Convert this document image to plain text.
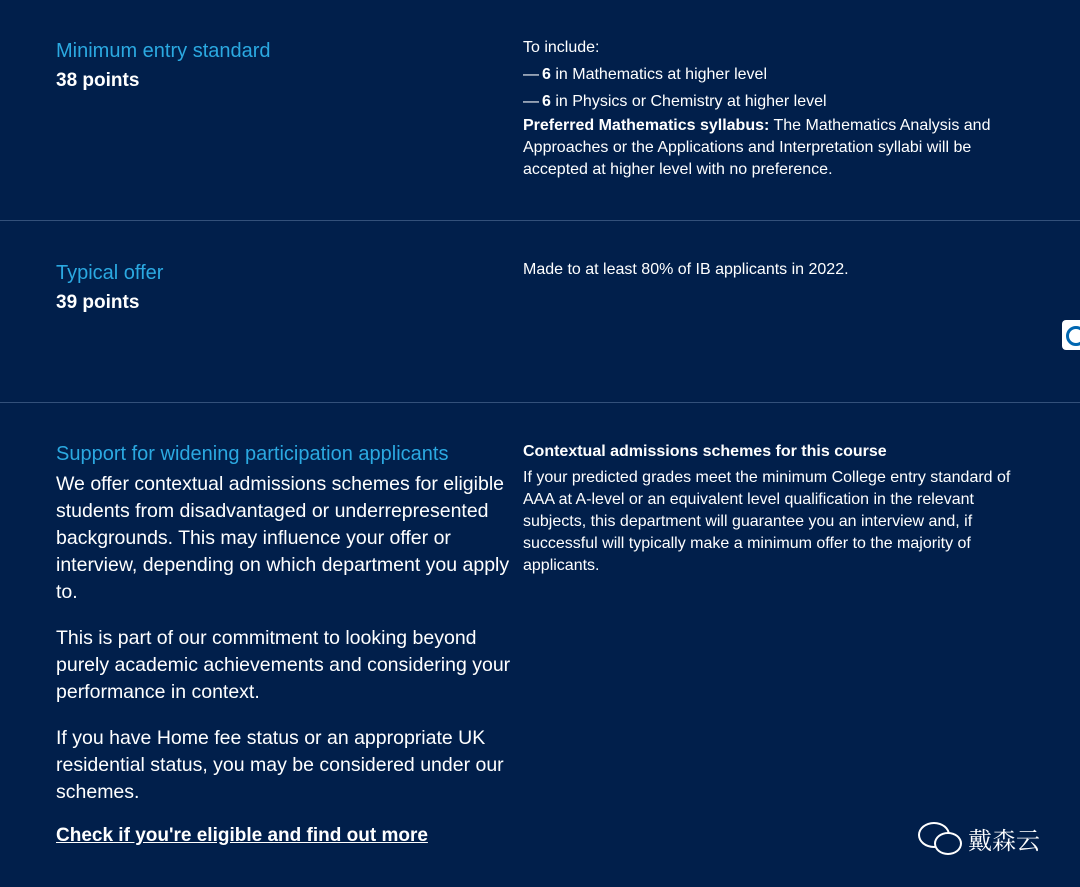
Minimum entry standard

38 points

To include:

— 6 in Mathematics at higher level

— 6 in Physics or Chemistry at higher level

Preferred Mathematics syllabus: The Mathematics Analysis and Approaches or the Applications and Interpretation syllabi will be accepted at higher level with no preference.

Typical offer

39 points

Made to at least 80% of IB applicants in 2022.

Support for widening participation applicants

We offer contextual admissions schemes for eligible students from disadvantaged or underrepresented backgrounds. This may influence your offer or interview, depending on which department you apply to.

This is part of our commitment to looking beyond purely academic achievements and considering your performance in context.

If you have Home fee status or an appropriate UK residential status, you may be considered under our schemes.

Check if you're eligible and find out more

Contextual admissions schemes for this course

If your predicted grades meet the minimum College entry standard of AAA at A-level or an equivalent level qualification in the relevant subjects, this department will guarantee you an interview and, if successful will typically make a minimum offer to the majority of applicants.

戴森云
